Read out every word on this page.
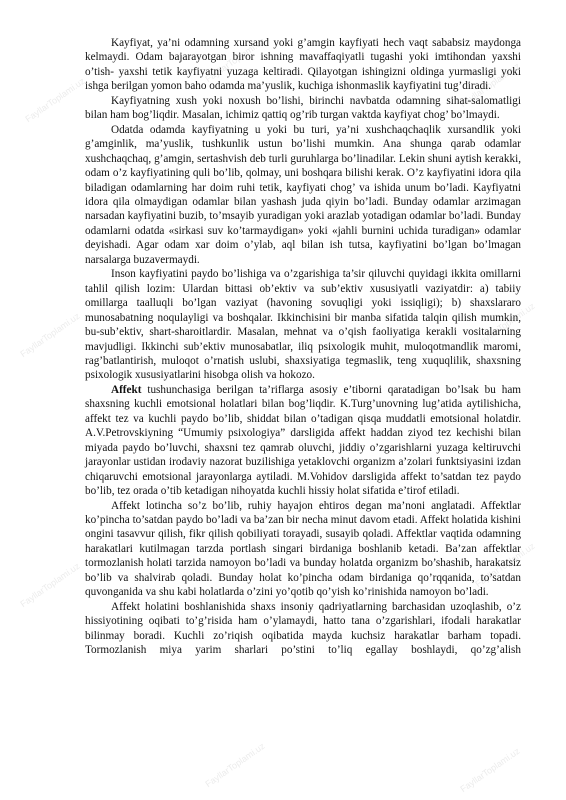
FayllarToplami.uz
FayllarToplami.uz
FayllarToplami.uz
FayllarToplami.uz	FayllarToplami.uz
FayllarToplami.uz	FayllarToplami.uz
FayllarToplami.uz	FayllarToplami.uz

Kayfiyat, ya’ni odamning xursand yoki g’amgin kayfiyati hech vaqt sababsiz maydonga kelmaydi. Odam bajarayotgan biror ishning mavaffaqiyatli tugashi yoki imtihondan yaxshi o’tish- yaxshi tetik kayfiyatni yuzaga keltiradi. Qilayotgan ishingizni oldinga yurmasligi yoki ishga berilgan yomon baho odamda ma’yuslik, kuchiga ishonmaslik kayfiyatini tug’diradi.

Kayfiyatning xush yoki noxush bo’lishi, birinchi navbatda odamning sihat-salomatligi bilan ham bog’liqdir. Masalan, ichimiz qattiq og’rib turgan vaktda kayfiyat chog’ bo’lmaydi.

Odatda odamda kayfiyatning u yoki bu turi, ya’ni xushchaqchaqlik xursandlik yoki g’amginlik, ma’yuslik, tushkunlik ustun bo’lishi mumkin. Ana shunga qarab odamlar xushchaqchaq, g’amgin, sertashvish deb turli guruhlarga bo’linadilar. Lekin shuni aytish kerakki, odam o’z kayfiyatining quli bo’lib, qolmay, uni boshqara bilishi kerak. O’z kayfiyatini idora qila biladigan odamlarning har doim ruhi tetik, kayfiyati chog’ va ishida unum bo’ladi. Kayfiyatni idora qila olmaydigan odamlar bilan yashash juda qiyin bo’ladi. Bunday odamlar arzimagan narsadan kayfiyatini buzib, to’msayib yuradigan yoki arazlab yotadigan odamlar bo’ladi. Bunday odamlarni odatda «sirkasi suv ko’tarmaydigan» yoki «jahli burnini uchida turadigan» odamlar deyishadi. Agar odam xar doim o’ylab, aql bilan ish tutsa, kayfiyatini bo’lgan bo’lmagan narsalarga buzavermaydi.

Inson kayfiyatini paydo bo’lishiga va o’zgarishiga ta’sir qiluvchi quyidagi ikkita omillarni tahlil qilish lozim: Ulardan bittasi ob’ektiv va sub’ektiv xususiyatli vaziyatdir: a) tabiiy omillarga taalluqli bo’lgan vaziyat (havoning sovuqligi yoki issiqligi); b) shaxslararo munosabatning noqulayligi va boshqalar. Ikkinchisini bir manba sifatida talqin qilish mumkin, bu-sub’ektiv, shart-sharoitlardir. Masalan, mehnat va o’qish faoliyatiga kerakli vositalarning mavjudligi. Ikkinchi sub’ektiv munosabatlar, iliq psixologik muhit, muloqotmandlik maromi, rag’batlantirish, muloqot o’rnatish uslubi, shaxsiyatiga tegmaslik, teng xuquqlilik, shaxsning psixologik xususiyatlarini hisobga olish va hokozo.

Affekt tushunchasiga berilgan ta’riflarga asosiy e’tiborni qaratadigan bo’lsak bu ham shaxsning kuchli emotsional holatlari bilan bog’liqdir. K.Turg’unovning lug’atida aytilishicha, affekt tez va kuchli paydo bo’lib, shiddat bilan o’tadigan qisqa muddatli emotsional holatdir. A.V.Petrovskiyning “Umumiy psixologiya” darsligida affekt haddan ziyod tez kechishi bilan miyada paydo bo’luvchi, shaxsni tez qamrab oluvchi, jiddiy o’zgarishlarni yuzaga keltiruvchi jarayonlar ustidan irodaviy nazorat buzilishiga yetaklovchi organizm a’zolari funktsiyasini izdan chiqaruvchi emotsional jarayonlarga aytiladi. M.Vohidov darsligida affekt to’satdan tez paydo bo’lib, tez orada o’tib ketadigan nihoyatda kuchli hissiy holat sifatida e’tirof etiladi.

Affekt lotincha so’z bo’lib, ruhiy hayajon ehtiros degan ma’noni anglatadi. Affektlar ko’pincha to’satdan paydo bo’ladi va ba’zan bir necha minut davom etadi. Affekt holatida kishini ongini tasavvur qilish, fikr qilish qobiliyati torayadi, susayib qoladi. Affektlar vaqtida odamning harakatlari kutilmagan tarzda portlash singari birdaniga boshlanib ketadi. Ba’zan affektlar tormozlanish holati tarzida namoyon bo’ladi va bunday holatda organizm bo’shashib, harakatsiz bo’lib va shalvirab qoladi. Bunday holat ko’pincha odam birdaniga qo’rqqanida, to’satdan quvonganida va shu kabi holatlarda o’zini yo’qotib qo’yish ko’rinishida namoyon bo’ladi.

Affekt holatini boshlanishida shaxs insoniy qadriyatlarning barchasidan uzoqlashib, o’z hissiyotining oqibati to’g’risida ham o’ylamaydi, hatto tana o’zgarishlari, ifodali harakatlar bilinmay boradi. Kuchli zo’riqish oqibatida mayda kuchsiz harakatlar barham topadi. Tormozlanish miya yarim sharlari po’stini to’liq egallay boshlaydi, qo’zg’alish
